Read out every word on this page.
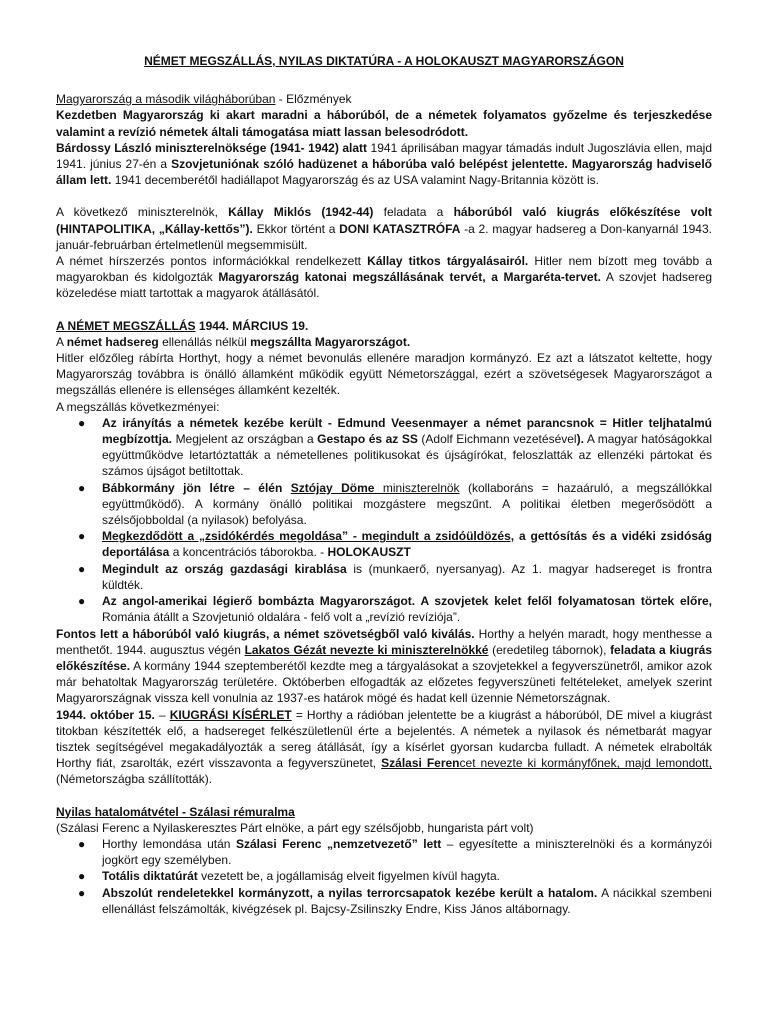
NÉMET MEGSZÁLLÁS, NYILAS DIKTATÚRA - A HOLOKAUSZT MAGYARORSZÁGON

Magyarország a második világháborúban - Előzmények

Kezdetben Magyarország ki akart maradni a háborúból, de a németek folyamatos győzelme és terjeszkedése valamint a revízió németek általi támogatása miatt lassan belesodródott.

Bárdossy László miniszterelnöksége (1941- 1942) alatt 1941 áprilisában magyar támadás indult Jugoszlávia ellen, majd 1941. június 27-én a Szovjetuniónak szóló hadüzenet a háborúba való belépést jelentette. Magyarország hadviselő állam lett. 1941 decemberétől hadiállapot Magyarország és az USA valamint Nagy-Britannia között is.

A következő miniszterelnök, Kállay Miklós (1942-44) feladata a háborúból való kiugrás előkészítése volt (HINTAPOLITIKA, „Kállay-kettős”). Ekkor történt a DONI KATASZTRÓFA -a 2. magyar hadsereg a Don-kanyarnál 1943. január-februárban értelmetlenül megsemmisült.

A német hírszerzés pontos információkkal rendelkezett Kállay titkos tárgyalásairól. Hitler nem bízott meg tovább a magyarokban és kidolgozták Magyarország katonai megszállásának tervét, a Margaréta-tervet. A szovjet hadsereg közeledése miatt tartottak a magyarok átállásától.

A NÉMET MEGSZÁLLÁS 1944. MÁRCIUS 19.

A német hadsereg ellenállás nélkül megszállta Magyarországot.

Hitler előzőleg rábírta Horthyt, hogy a német bevonulás ellenére maradjon kormányzó. Ez azt a látszatot keltette, hogy Magyarország továbbra is önálló államként működik együtt Németországgal, ezért a szövetségesek Magyarországot a megszállás ellenére is ellenséges államként kezelték.

A megszállás következményei:

● Az irányítás a németek kezébe került - Edmund Veesenmayer a német parancsnok = Hitler teljhatalmú megbízottja. Megjelent az országban a Gestapo és az SS (Adolf Eichmann vezetésével). A magyar hatóságokkal együttműködve letartóztatták a németellenes politikusokat és újságírókat, feloszlatták az ellenzéki pártokat és számos újságot betiltottak.
● Bábkormány jön létre – élén Sztójay Döme miniszterelnök (kollaboráns = hazaáruló, a megszállókkal együttműködő). A kormány önálló politikai mozgástere megszűnt. A politikai életben megerősödött a szélsőjobboldal (a nyilasok) befolyása.
● Megkezdődött a „zsidókérdés megoldása” - megindult a zsidóüldözés, a gettósítás és a vidéki zsidóság deportálása a koncentrációs táborokba. - HOLOKAUSZT
● Megindult az ország gazdasági kirablása is (munkaerő, nyersanyag). Az 1. magyar hadsereget is frontra küldték.
● Az angol-amerikai légierő bombázta Magyarországot. A szovjetek kelet felől folyamatosan törtek előre, Románia átállt a Szovjetunió oldalára - felő volt a „revízió revíziója”.

Fontos lett a háborúból való kiugrás, a német szövetségből való kiválás. Horthy a helyén maradt, hogy menthesse a menthetőt. 1944. augusztus végén Lakatos Gézát nevezte ki miniszterelnökké (eredetileg tábornok), feladata a kiugrás előkészítése. A kormány 1944 szeptemberétől kezdte meg a tárgyalásokat a szovjetekkel a fegyverszünetről, amikor azok már behatoltak Magyarország területére. Októberben elfogadták az előzetes fegyverszüneti feltételeket, amelyek szerint Magyarországnak vissza kell vonulnia az 1937-es határok mögé és hadat kell üzennie Németországnak.

1944. október 15. – KIUGRÁSI KÍSÉRLET = Horthy a rádióban jelentette be a kiugrást a háborúból, DE mivel a kiugrást titokban készítették elő, a hadsereget felkészületlenül érte a bejelentés. A németek a nyilasok és németbarát magyar tisztek segítségével megakadályozták a sereg átállását, így a kísérlet gyorsan kudarcba fulladt. A németek elrabolták Horthy fiát, zsarolták, ezért visszavonta a fegyverszünetet, Szálasi Ferencet nevezte ki kormányfőnek, majd lemondott, (Németországba szállították).

Nyilas hatalomátvétel - Szálasi rémuralma

(Szálasi Ferenc a Nyilaskeresztes Párt elnöke, a párt egy szélsőjobb, hungarista párt volt)

● Horthy lemondása után Szálasi Ferenc „nemzetvezető” lett – egyesítette a miniszterelnöki és a kormányzói jogkört egy személyben.
● Totális diktatúrát vezetett be, a jogállamiság elveit figyelmen kívül hagyta.
● Abszolút rendeletekkel kormányzott, a nyilas terrorcsapatok kezébe került a hatalom. A nácikkal szembeni ellenállást felszámolták, kivégzések pl. Bajcsy-Zsilinszky Endre, Kiss János altábornagy.
